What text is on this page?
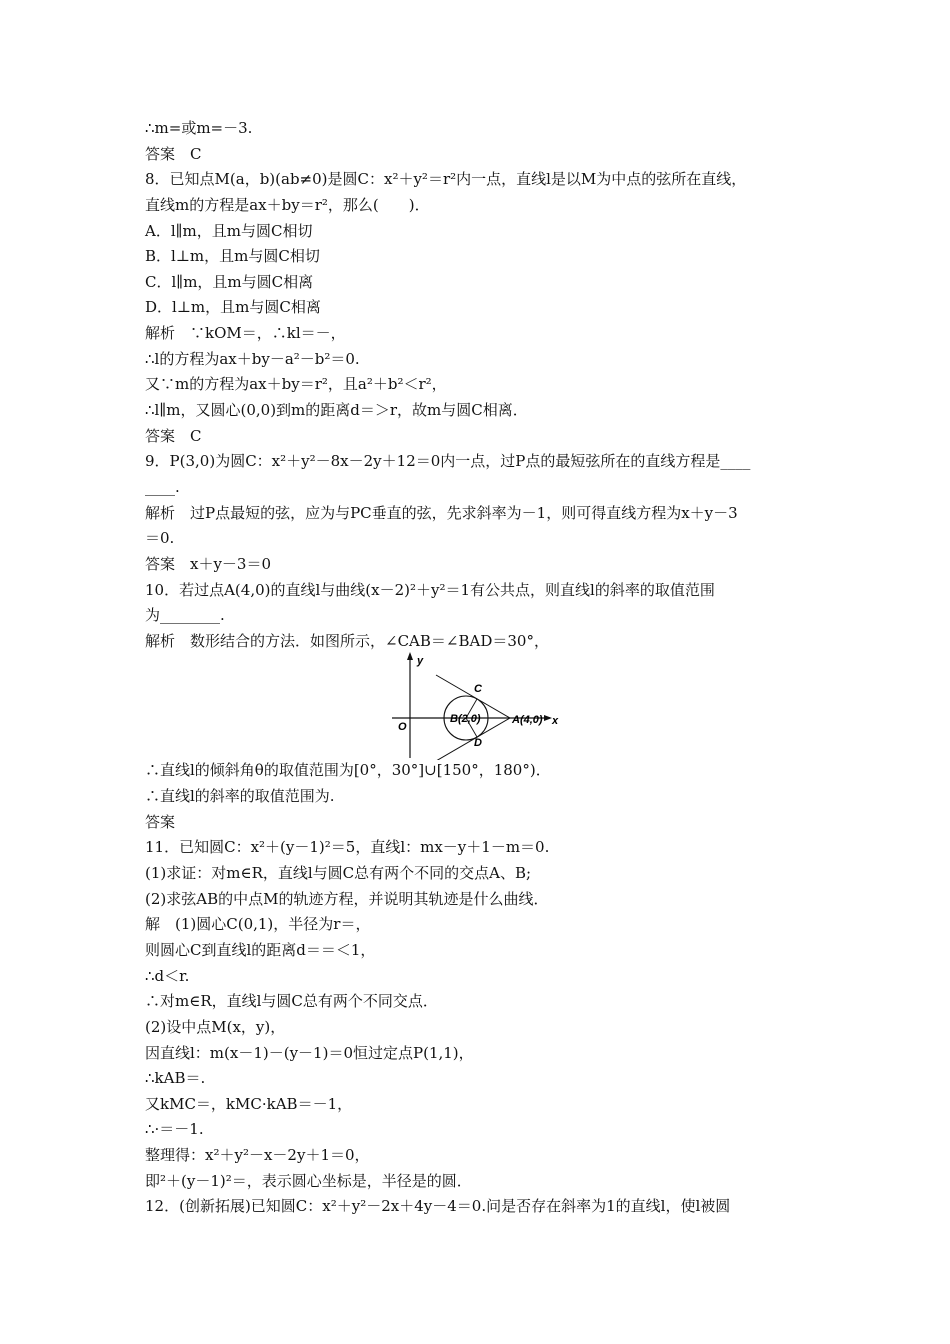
∴m=或m=－3.
答案　C
8．已知点M(a，b)(ab≠0)是圆C：x²＋y²＝r²内一点，直线l是以M为中点的弦所在直线，
直线m的方程是ax＋by＝r²，那么(　　)．
A．l∥m，且m与圆C相切
B．l⊥m，且m与圆C相切
C．l∥m，且m与圆C相离
D．l⊥m，且m与圆C相离
解析　∵kOM＝，∴kl＝－，
∴l的方程为ax＋by－a²－b²＝0.
又∵m的方程为ax＋by＝r²，且a²＋b²＜r²，
∴l∥m，又圆心(0,0)到m的距离d＝＞r，故m与圆C相离．
答案　C
9．P(3,0)为圆C：x²＋y²－8x－2y＋12＝0内一点，过P点的最短弦所在的直线方程是____
____.
解析　过P点最短的弦，应为与PC垂直的弦，先求斜率为－1，则可得直线方程为x＋y－3
＝0.
答案　x＋y－3＝0
10．若过点A(4,0)的直线l与曲线(x－2)²＋y²＝1有公共点，则直线l的斜率的取值范围
为________.
解析　数形结合的方法．如图所示，∠CAB＝∠BAD＝30°，
∴直线l的倾斜角θ的取值范围为[0°，30°]∪[150°，180°)．
∴直线l的斜率的取值范围为.
答案
11．已知圆C：x²＋(y－1)²＝5，直线l：mx－y＋1－m＝0.
(1)求证：对m∈R，直线l与圆C总有两个不同的交点A、B;
(2)求弦AB的中点M的轨迹方程，并说明其轨迹是什么曲线．
解　(1)圆心C(0,1)，半径为r＝，
则圆心C到直线l的距离d＝＝＜1，
∴d＜r.
∴对m∈R，直线l与圆C总有两个不同交点．
(2)设中点M(x，y)，
因直线l：m(x－1)－(y－1)＝0恒过定点P(1,1)，
∴kAB＝.
又kMC＝，kMC·kAB＝－1，
∴·＝－1.
整理得：x²＋y²－x－2y＋1＝0，
即²＋(y－1)²＝，表示圆心坐标是，半径是的圆．
12．(创新拓展)已知圆C：x²＋y²－2x＋4y－4＝0.问是否存在斜率为1的直线l，使l被圆
y
x
O
C
B(2,0)	A(4,0)
D
